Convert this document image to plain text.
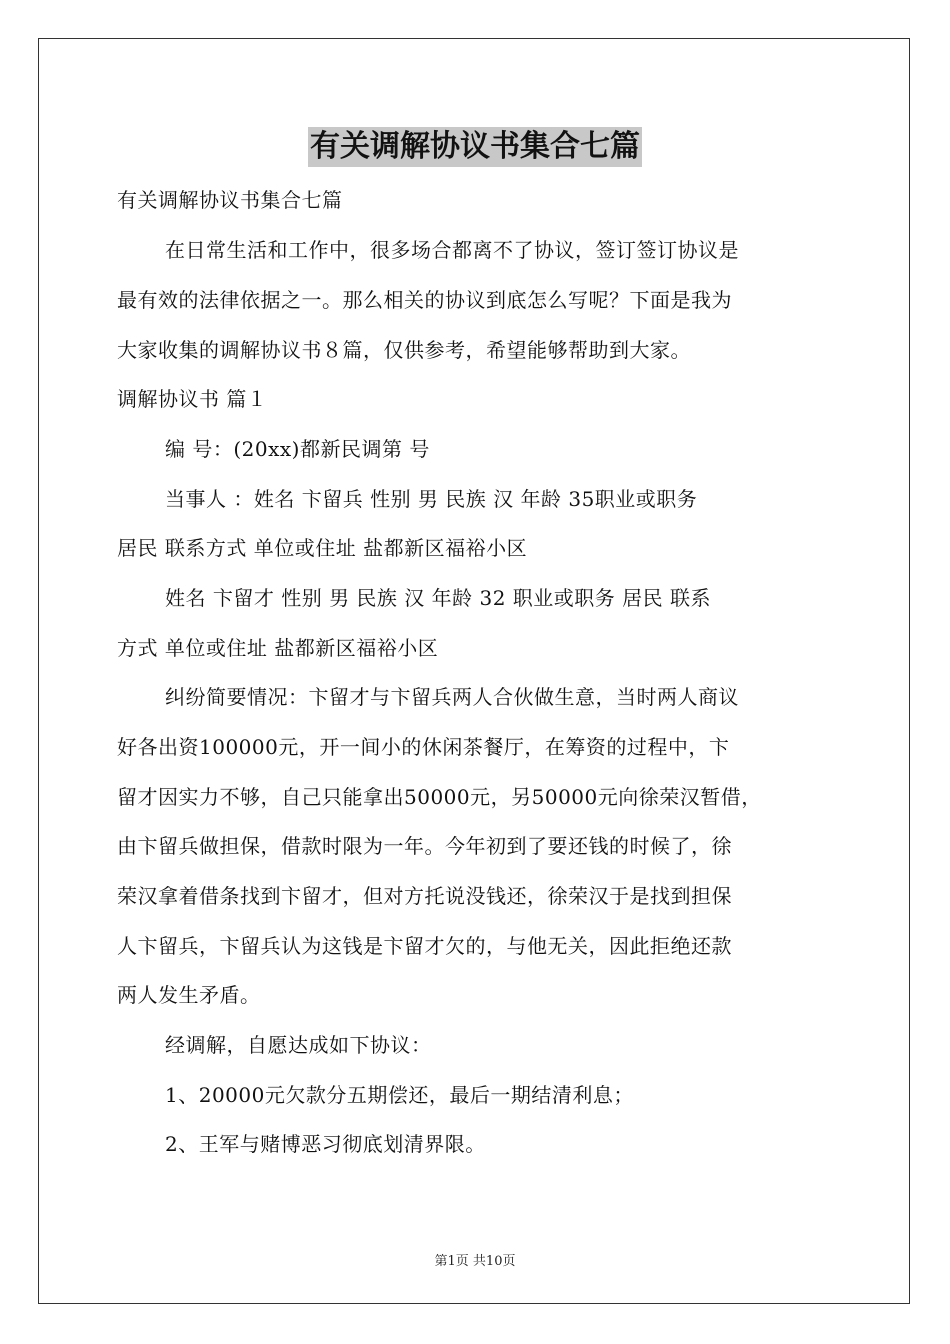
有关调解协议书集合七篇
有关调解协议书集合七篇
在日常生活和工作中，很多场合都离不了协议，签订签订协议是
最有效的法律依据之一。那么相关的协议到底怎么写呢？下面是我为
大家收集的调解协议书８篇，仅供参考，希望能够帮助到大家。
调解协议书 篇１
编 号：(20xx)都新民调第 号
当事人 ：姓名 卞留兵 性别 男 民族 汉 年龄 35职业或职务
居民 联系方式 单位或住址 盐都新区福裕小区
姓名 卞留才 性别 男 民族 汉 年龄 32 职业或职务 居民 联系
方式 单位或住址 盐都新区福裕小区
纠纷简要情况：卞留才与卞留兵两人合伙做生意，当时两人商议
好各出资100000元，开一间小的休闲茶餐厅，在筹资的过程中，卞
留才因实力不够，自己只能拿出50000元，另50000元向徐荣汉暂借，
由卞留兵做担保，借款时限为一年。今年初到了要还钱的时候了，徐
荣汉拿着借条找到卞留才，但对方托说没钱还，徐荣汉于是找到担保
人卞留兵，卞留兵认为这钱是卞留才欠的，与他无关，因此拒绝还款
两人发生矛盾。
经调解，自愿达成如下协议：
1、20000元欠款分五期偿还，最后一期结清利息；
2、王军与赌博恶习彻底划清界限。
第1页 共10页
